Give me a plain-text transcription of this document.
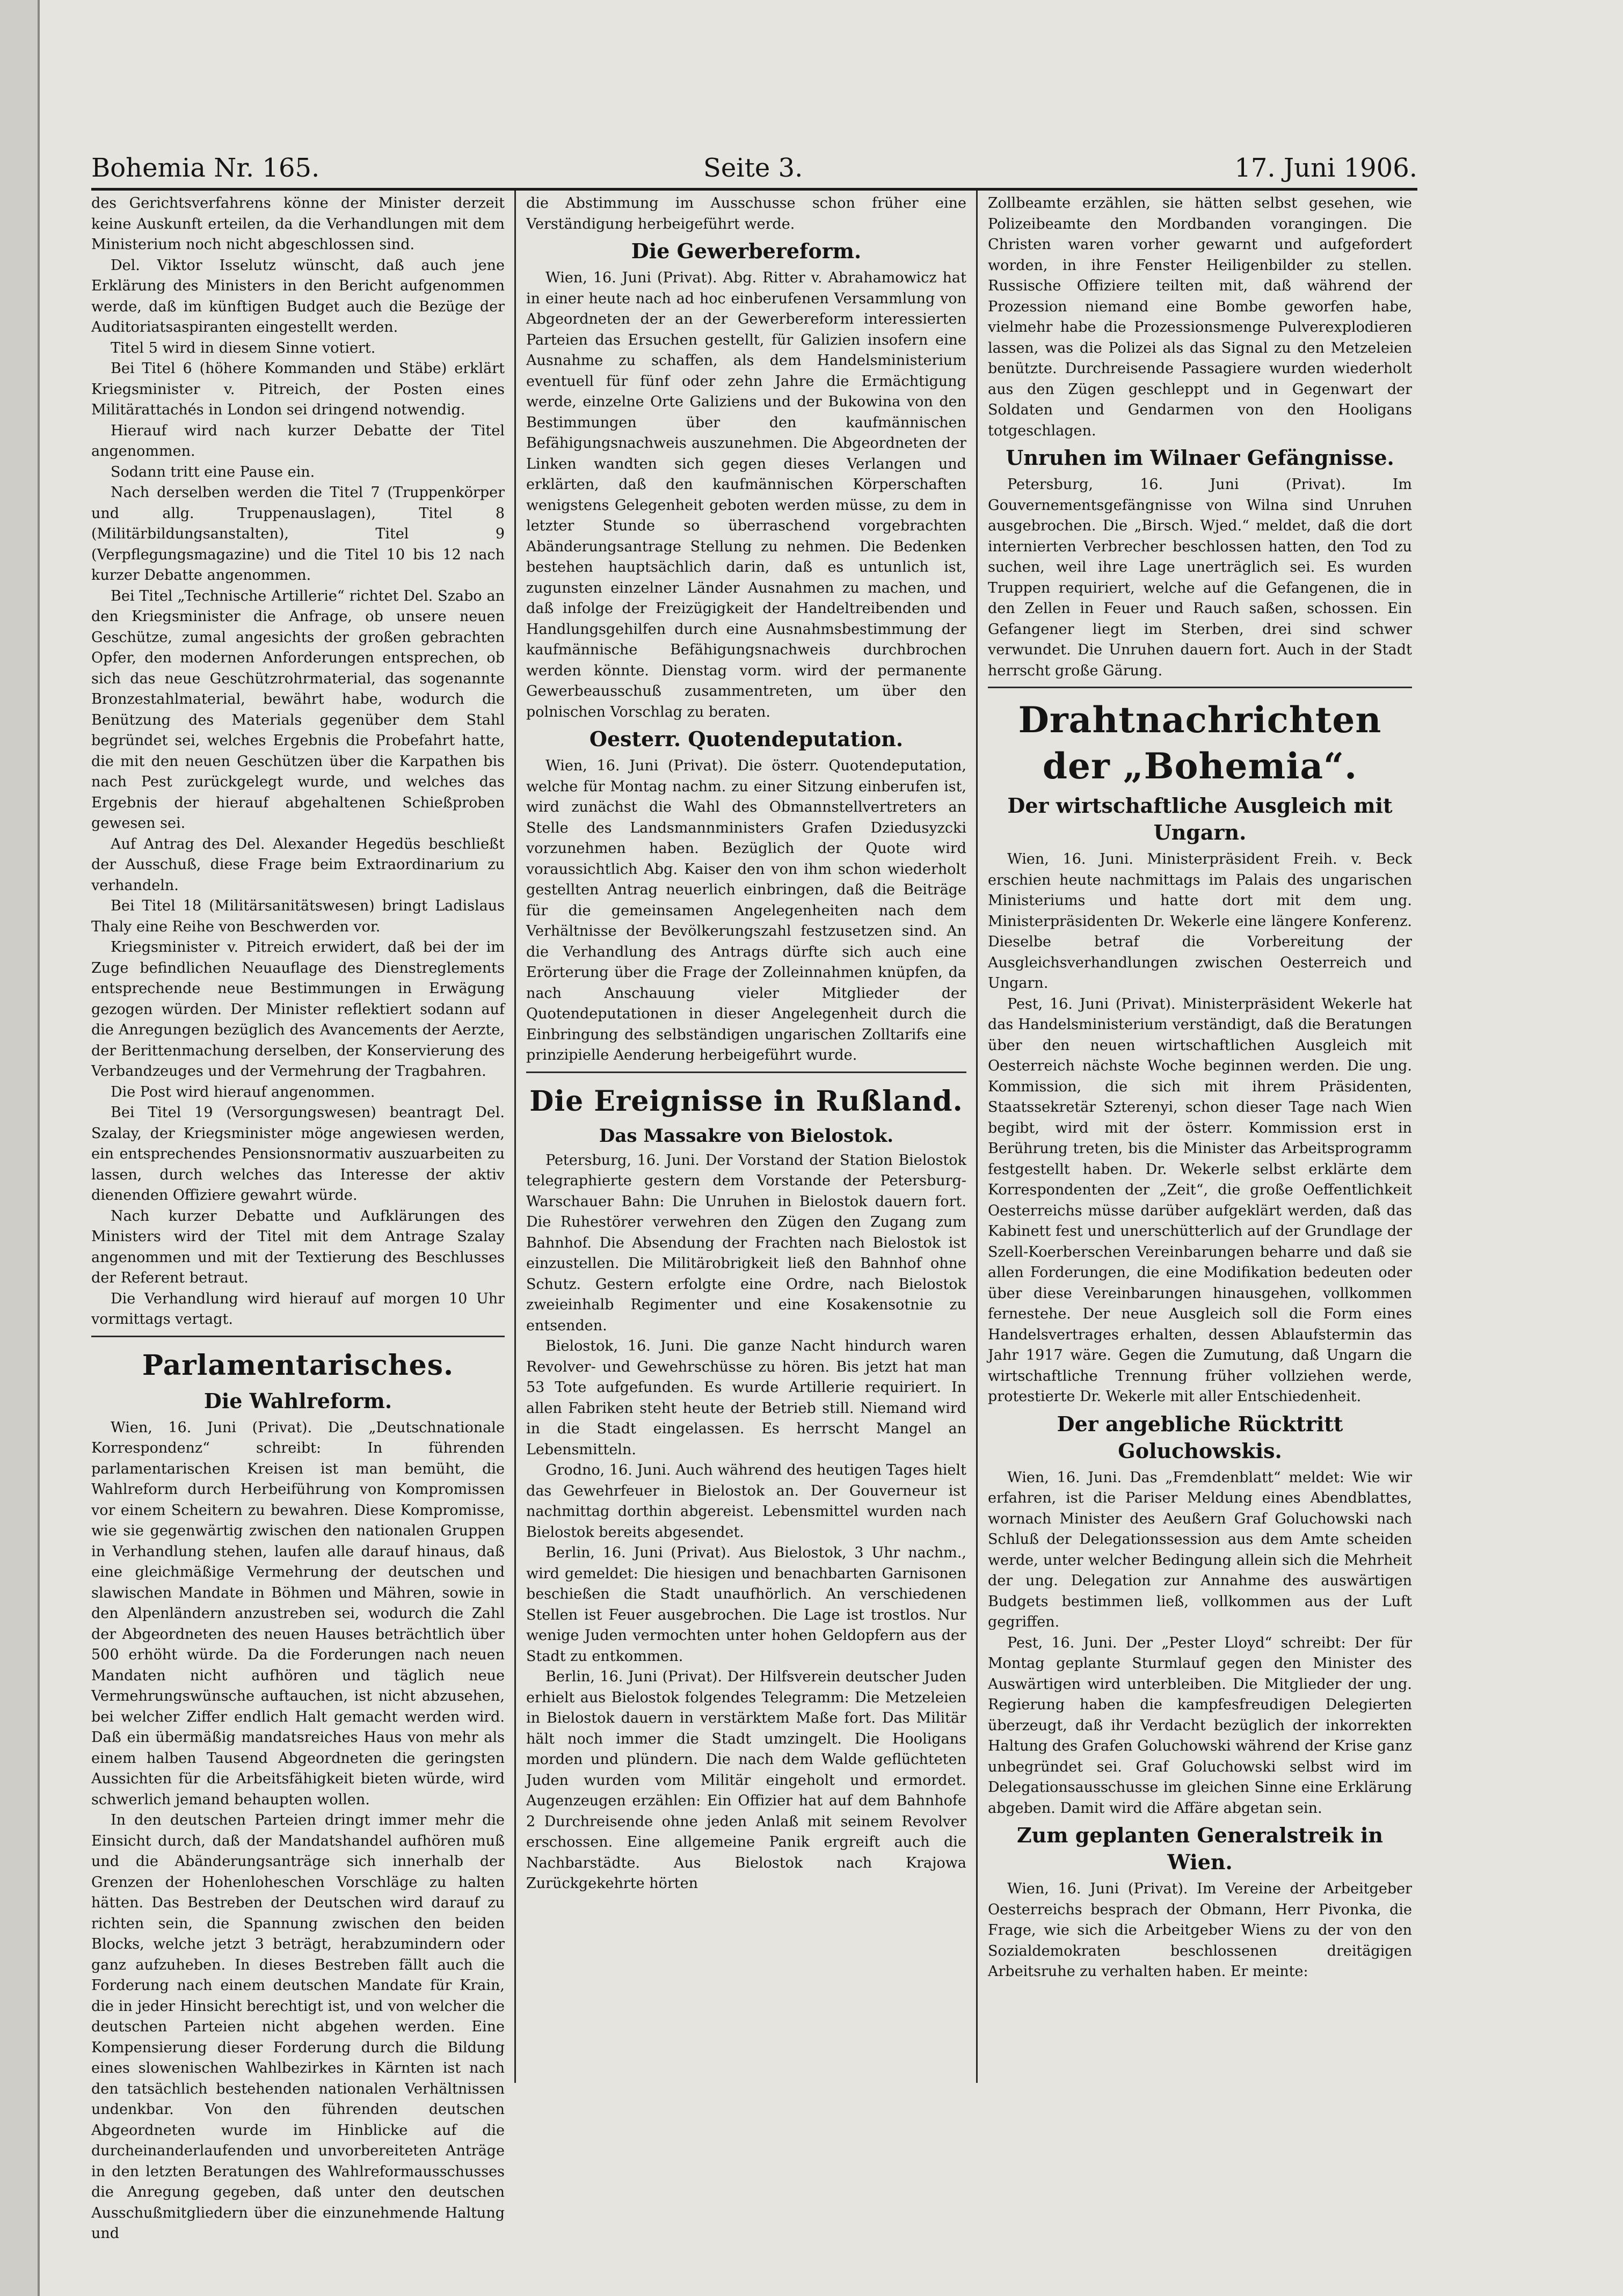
Bohemia Nr. 165.	Seite 3.	17. Juni 1906.

des Gerichtsverfahrens könne der Minister derzeit keine Auskunft erteilen, da die Verhandlungen mit dem Ministerium noch nicht abgeschlossen sind.

Del. Viktor Isselutz wünscht, daß auch jene Erklärung des Ministers in den Bericht aufgenommen werde, daß im künftigen Budget auch die Bezüge der Auditoriatsaspiranten eingestellt werden.

Titel 5 wird in diesem Sinne votiert.

Bei Titel 6 (höhere Kommanden und Stäbe) erklärt Kriegsminister v. Pitreich, der Posten eines Militärattachés in London sei dringend notwendig.

Hierauf wird nach kurzer Debatte der Titel angenommen.

Sodann tritt eine Pause ein.

Nach derselben werden die Titel 7 (Truppenkörper und allg. Truppenauslagen), Titel 8 (Militärbildungsanstalten), Titel 9 (Verpflegungsmagazine) und die Titel 10 bis 12 nach kurzer Debatte angenommen.

Bei Titel „Technische Artillerie“ richtet Del. Szabo an den Kriegsminister die Anfrage, ob unsere neuen Geschütze, zumal angesichts der großen gebrachten Opfer, den modernen Anforderungen entsprechen, ob sich das neue Geschützrohrmaterial, das sogenannte Bronzestahlmaterial, bewährt habe, wodurch die Benützung des Materials gegenüber dem Stahl begründet sei, welches Ergebnis die Probefahrt hatte, die mit den neuen Geschützen über die Karpathen bis nach Pest zurückgelegt wurde, und welches das Ergebnis der hierauf abgehaltenen Schießproben gewesen sei.

Auf Antrag des Del. Alexander Hegedüs beschließt der Ausschuß, diese Frage beim Extraordinarium zu verhandeln.

Bei Titel 18 (Militärsanitätswesen) bringt Ladislaus Thaly eine Reihe von Beschwerden vor.

Kriegsminister v. Pitreich erwidert, daß bei der im Zuge befindlichen Neuauflage des Dienstreglements entsprechende neue Bestimmungen in Erwägung gezogen würden. Der Minister reflektiert sodann auf die Anregungen bezüglich des Avancements der Aerzte, der Berittenmachung derselben, der Konservierung des Verbandzeuges und der Vermehrung der Tragbahren.

Die Post wird hierauf angenommen.

Bei Titel 19 (Versorgungswesen) beantragt Del. Szalay, der Kriegsminister möge angewiesen werden, ein entsprechendes Pensionsnormativ auszuarbeiten zu lassen, durch welches das Interesse der aktiv dienenden Offiziere gewahrt würde.

Nach kurzer Debatte und Aufklärungen des Ministers wird der Titel mit dem Antrage Szalay angenommen und mit der Textierung des Beschlusses der Referent betraut.

Die Verhandlung wird hierauf auf morgen 10 Uhr vormittags vertagt.

Parlamentarisches.
Die Wahlreform.

Wien, 16. Juni (Privat). Die „Deutschnationale Korrespondenz“ schreibt: In führenden parlamentarischen Kreisen ist man bemüht, die Wahlreform durch Herbeiführung von Kompromissen vor einem Scheitern zu bewahren. Diese Kompromisse, wie sie gegenwärtig zwischen den nationalen Gruppen in Verhandlung stehen, laufen alle darauf hinaus, daß eine gleichmäßige Vermehrung der deutschen und slawischen Mandate in Böhmen und Mähren, sowie in den Alpenländern anzustreben sei, wodurch die Zahl der Abgeordneten des neuen Hauses beträchtlich über 500 erhöht würde. Da die Forderungen nach neuen Mandaten nicht aufhören und täglich neue Vermehrungswünsche auftauchen, ist nicht abzusehen, bei welcher Ziffer endlich Halt gemacht werden wird. Daß ein übermäßig mandatsreiches Haus von mehr als einem halben Tausend Abgeordneten die geringsten Aussichten für die Arbeitsfähigkeit bieten würde, wird schwerlich jemand behaupten wollen.

In den deutschen Parteien dringt immer mehr die Einsicht durch, daß der Mandatshandel aufhören muß und die Abänderungsanträge sich innerhalb der Grenzen der Hohenloheschen Vorschläge zu halten hätten. Das Bestreben der Deutschen wird darauf zu richten sein, die Spannung zwischen den beiden Blocks, welche jetzt 3 beträgt, herabzumindern oder ganz aufzuheben. In dieses Bestreben fällt auch die Forderung nach einem deutschen Mandate für Krain, die in jeder Hinsicht berechtigt ist, und von welcher die deutschen Parteien nicht abgehen werden. Eine Kompensierung dieser Forderung durch die Bildung eines slowenischen Wahlbezirkes in Kärnten ist nach den tatsächlich bestehenden nationalen Verhältnissen undenkbar. Von den führenden deutschen Abgeordneten wurde im Hinblicke auf die durcheinanderlaufenden und unvorbereiteten Anträge in den letzten Beratungen des Wahlreformausschusses die Anregung gegeben, daß unter den deutschen Ausschußmitgliedern über die einzunehmende Haltung und

die Abstimmung im Ausschusse schon früher eine Verständigung herbeigeführt werde.

Die Gewerbereform.

Wien, 16. Juni (Privat). Abg. Ritter v. Abrahamowicz hat in einer heute nach ad hoc einberufenen Versammlung von Abgeordneten der an der Gewerbereform interessierten Parteien das Ersuchen gestellt, für Galizien insofern eine Ausnahme zu schaffen, als dem Handelsministerium eventuell für fünf oder zehn Jahre die Ermächtigung werde, einzelne Orte Galiziens und der Bukowina von den Bestimmungen über den kaufmännischen Befähigungsnachweis auszunehmen. Die Abgeordneten der Linken wandten sich gegen dieses Verlangen und erklärten, daß den kaufmännischen Körperschaften wenigstens Gelegenheit geboten werden müsse, zu dem in letzter Stunde so überraschend vorgebrachten Abänderungsantrage Stellung zu nehmen. Die Bedenken bestehen hauptsächlich darin, daß es untunlich ist, zugunsten einzelner Länder Ausnahmen zu machen, und daß infolge der Freizügigkeit der Handeltreibenden und Handlungsgehilfen durch eine Ausnahmsbestimmung der kaufmännische Befähigungsnachweis durchbrochen werden könnte. Dienstag vorm. wird der permanente Gewerbeausschuß zusammentreten, um über den polnischen Vorschlag zu beraten.

Oesterr. Quotendeputation.

Wien, 16. Juni (Privat). Die österr. Quotendeputation, welche für Montag nachm. zu einer Sitzung einberufen ist, wird zunächst die Wahl des Obmannstellvertreters an Stelle des Landsmannministers Grafen Dziedusyzcki vorzunehmen haben. Bezüglich der Quote wird voraussichtlich Abg. Kaiser den von ihm schon wiederholt gestellten Antrag neuerlich einbringen, daß die Beiträge für die gemeinsamen Angelegenheiten nach dem Verhältnisse der Bevölkerungszahl festzusetzen sind. An die Verhandlung des Antrags dürfte sich auch eine Erörterung über die Frage der Zolleinnahmen knüpfen, da nach Anschauung vieler Mitglieder der Quotendeputationen in dieser Angelegenheit durch die Einbringung des selbständigen ungarischen Zolltarifs eine prinzipielle Aenderung herbeigeführt wurde.

Die Ereignisse in Rußland.
Das Massakre von Bielostok.

Petersburg, 16. Juni. Der Vorstand der Station Bielostok telegraphierte gestern dem Vorstande der Petersburg-Warschauer Bahn: Die Unruhen in Bielostok dauern fort. Die Ruhestörer verwehren den Zügen den Zugang zum Bahnhof. Die Absendung der Frachten nach Bielostok ist einzustellen. Die Militärobrigkeit ließ den Bahnhof ohne Schutz. Gestern erfolgte eine Ordre, nach Bielostok zweieinhalb Regimenter und eine Kosakensotnie zu entsenden.

Bielostok, 16. Juni. Die ganze Nacht hindurch waren Revolver- und Gewehrschüsse zu hören. Bis jetzt hat man 53 Tote aufgefunden. Es wurde Artillerie requiriert. In allen Fabriken steht heute der Betrieb still. Niemand wird in die Stadt eingelassen. Es herrscht Mangel an Lebensmitteln.

Grodno, 16. Juni. Auch während des heutigen Tages hielt das Gewehrfeuer in Bielostok an. Der Gouverneur ist nachmittag dorthin abgereist. Lebensmittel wurden nach Bielostok bereits abgesendet.

Berlin, 16. Juni (Privat). Aus Bielostok, 3 Uhr nachm., wird gemeldet: Die hiesigen und benachbarten Garnisonen beschießen die Stadt unaufhörlich. An verschiedenen Stellen ist Feuer ausgebrochen. Die Lage ist trostlos. Nur wenige Juden vermochten unter hohen Geldopfern aus der Stadt zu entkommen.

Berlin, 16. Juni (Privat). Der Hilfsverein deutscher Juden erhielt aus Bielostok folgendes Telegramm: Die Metzeleien in Bielostok dauern in verstärktem Maße fort. Das Militär hält noch immer die Stadt umzingelt. Die Hooligans morden und plündern. Die nach dem Walde geflüchteten Juden wurden vom Militär eingeholt und ermordet. Augenzeugen erzählen: Ein Offizier hat auf dem Bahnhofe 2 Durchreisende ohne jeden Anlaß mit seinem Revolver erschossen. Eine allgemeine Panik ergreift auch die Nachbarstädte. Aus Bielostok nach Krajowa Zurückgekehrte hörten

Zollbeamte erzählen, sie hätten selbst gesehen, wie Polizeibeamte den Mordbanden vorangingen. Die Christen waren vorher gewarnt und aufgefordert worden, in ihre Fenster Heiligenbilder zu stellen. Russische Offiziere teilten mit, daß während der Prozession niemand eine Bombe geworfen habe, vielmehr habe die Prozessionsmenge Pulverexplodieren lassen, was die Polizei als das Signal zu den Metzeleien benützte. Durchreisende Passagiere wurden wiederholt aus den Zügen geschleppt und in Gegenwart der Soldaten und Gendarmen von den Hooligans totgeschlagen.

Unruhen im Wilnaer Gefängnisse.

Petersburg, 16. Juni (Privat). Im Gouvernementsgefängnisse von Wilna sind Unruhen ausgebrochen. Die „Birsch. Wjed.“ meldet, daß die dort internierten Verbrecher beschlossen hatten, den Tod zu suchen, weil ihre Lage unerträglich sei. Es wurden Truppen requiriert, welche auf die Gefangenen, die in den Zellen in Feuer und Rauch saßen, schossen. Ein Gefangener liegt im Sterben, drei sind schwer verwundet. Die Unruhen dauern fort. Auch in der Stadt herrscht große Gärung.

Drahtnachrichten der „Bohemia“.
Der wirtschaftliche Ausgleich mit Ungarn.

Wien, 16. Juni. Ministerpräsident Freih. v. Beck erschien heute nachmittags im Palais des ungarischen Ministeriums und hatte dort mit dem ung. Ministerpräsidenten Dr. Wekerle eine längere Konferenz. Dieselbe betraf die Vorbereitung der Ausgleichsverhandlungen zwischen Oesterreich und Ungarn.

Pest, 16. Juni (Privat). Ministerpräsident Wekerle hat das Handelsministerium verständigt, daß die Beratungen über den neuen wirtschaftlichen Ausgleich mit Oesterreich nächste Woche beginnen werden. Die ung. Kommission, die sich mit ihrem Präsidenten, Staatssekretär Szterenyi, schon dieser Tage nach Wien begibt, wird mit der österr. Kommission erst in Berührung treten, bis die Minister das Arbeitsprogramm festgestellt haben. Dr. Wekerle selbst erklärte dem Korrespondenten der „Zeit“, die große Oeffentlichkeit Oesterreichs müsse darüber aufgeklärt werden, daß das Kabinett fest und unerschütterlich auf der Grundlage der Szell-Koerberschen Vereinbarungen beharre und daß sie allen Forderungen, die eine Modifikation bedeuten oder über diese Vereinbarungen hinausgehen, vollkommen fernestehe. Der neue Ausgleich soll die Form eines Handelsvertrages erhalten, dessen Ablaufstermin das Jahr 1917 wäre. Gegen die Zumutung, daß Ungarn die wirtschaftliche Trennung früher vollziehen werde, protestierte Dr. Wekerle mit aller Entschiedenheit.

Der angebliche Rücktritt Goluchowskis.

Wien, 16. Juni. Das „Fremdenblatt“ meldet: Wie wir erfahren, ist die Pariser Meldung eines Abendblattes, wornach Minister des Aeußern Graf Goluchowski nach Schluß der Delegationssession aus dem Amte scheiden werde, unter welcher Bedingung allein sich die Mehrheit der ung. Delegation zur Annahme des auswärtigen Budgets bestimmen ließ, vollkommen aus der Luft gegriffen.

Pest, 16. Juni. Der „Pester Lloyd“ schreibt: Der für Montag geplante Sturmlauf gegen den Minister des Auswärtigen wird unterbleiben. Die Mitglieder der ung. Regierung haben die kampfesfreudigen Delegierten überzeugt, daß ihr Verdacht bezüglich der inkorrekten Haltung des Grafen Goluchowski während der Krise ganz unbegründet sei. Graf Goluchowski selbst wird im Delegationsausschusse im gleichen Sinne eine Erklärung abgeben. Damit wird die Affäre abgetan sein.

Zum geplanten Generalstreik in Wien.

Wien, 16. Juni (Privat). Im Vereine der Arbeitgeber Oesterreichs besprach der Obmann, Herr Pivonka, die Frage, wie sich die Arbeitgeber Wiens zu der von den Sozialdemokraten beschlossenen dreitägigen Arbeitsruhe zu verhalten haben. Er meinte:
